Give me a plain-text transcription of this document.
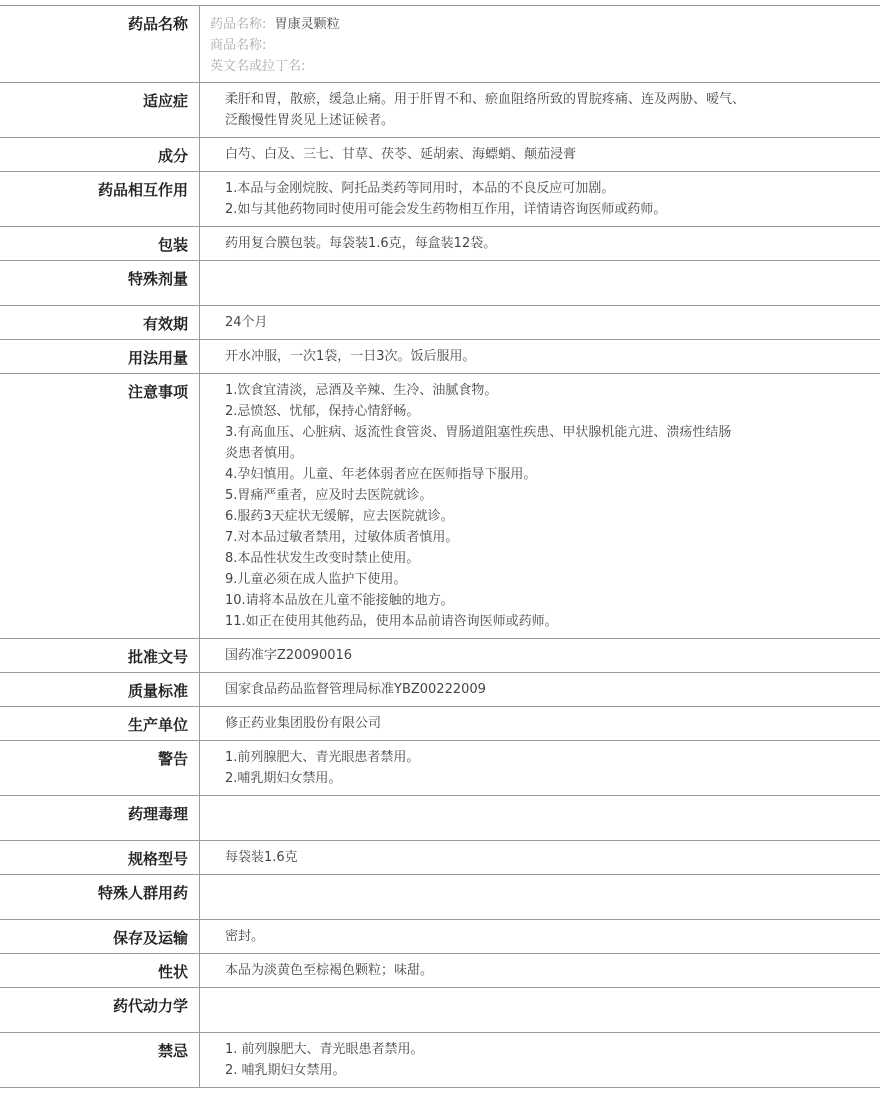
药品名称	药品名称: 胃康灵颗粒
商品名称:
英文名或拉丁名:
适应症	柔肝和胃，散瘀，缓急止痛。用于肝胃不和、瘀血阻络所致的胃脘疼痛、连及两胁、嗳气、
泛酸慢性胃炎见上述证候者。
成分	白芍、白及、三七、甘草、茯苓、延胡索、海螵蛸、颠茄浸膏
药品相互作用	1.本品与金刚烷胺、阿托品类药等同用时，本品的不良反应可加剧。
2.如与其他药物同时使用可能会发生药物相互作用，详情请咨询医师或药师。
包装	药用复合膜包装。每袋装1.6克，每盒装12袋。
特殊剂量
有效期	24个月
用法用量	开水冲服，一次1袋，一日3次。饭后服用。
注意事项	1.饮食宜清淡，忌酒及辛辣、生冷、油腻食物。
2.忌愤怒、忧郁，保持心情舒畅。
3.有高血压、心脏病、返流性食管炎、胃肠道阻塞性疾患、甲状腺机能亢进、溃疡性结肠
炎患者慎用。
4.孕妇慎用。儿童、年老体弱者应在医师指导下服用。
5.胃痛严重者，应及时去医院就诊。
6.服药3天症状无缓解，应去医院就诊。
7.对本品过敏者禁用，过敏体质者慎用。
8.本品性状发生改变时禁止使用。
9.儿童必须在成人监护下使用。
10.请将本品放在儿童不能接触的地方。
11.如正在使用其他药品，使用本品前请咨询医师或药师。
批准文号	国药准字Z20090016
质量标准	国家食品药品监督管理局标准YBZ00222009
生产单位	修正药业集团股份有限公司
警告	1.前列腺肥大、青光眼患者禁用。
2.哺乳期妇女禁用。
药理毒理
规格型号	每袋装1.6克
特殊人群用药
保存及运输	密封。
性状	本品为淡黄色至棕褐色颗粒；味甜。
药代动力学
禁忌	1. 前列腺肥大、青光眼患者禁用。
2. 哺乳期妇女禁用。
